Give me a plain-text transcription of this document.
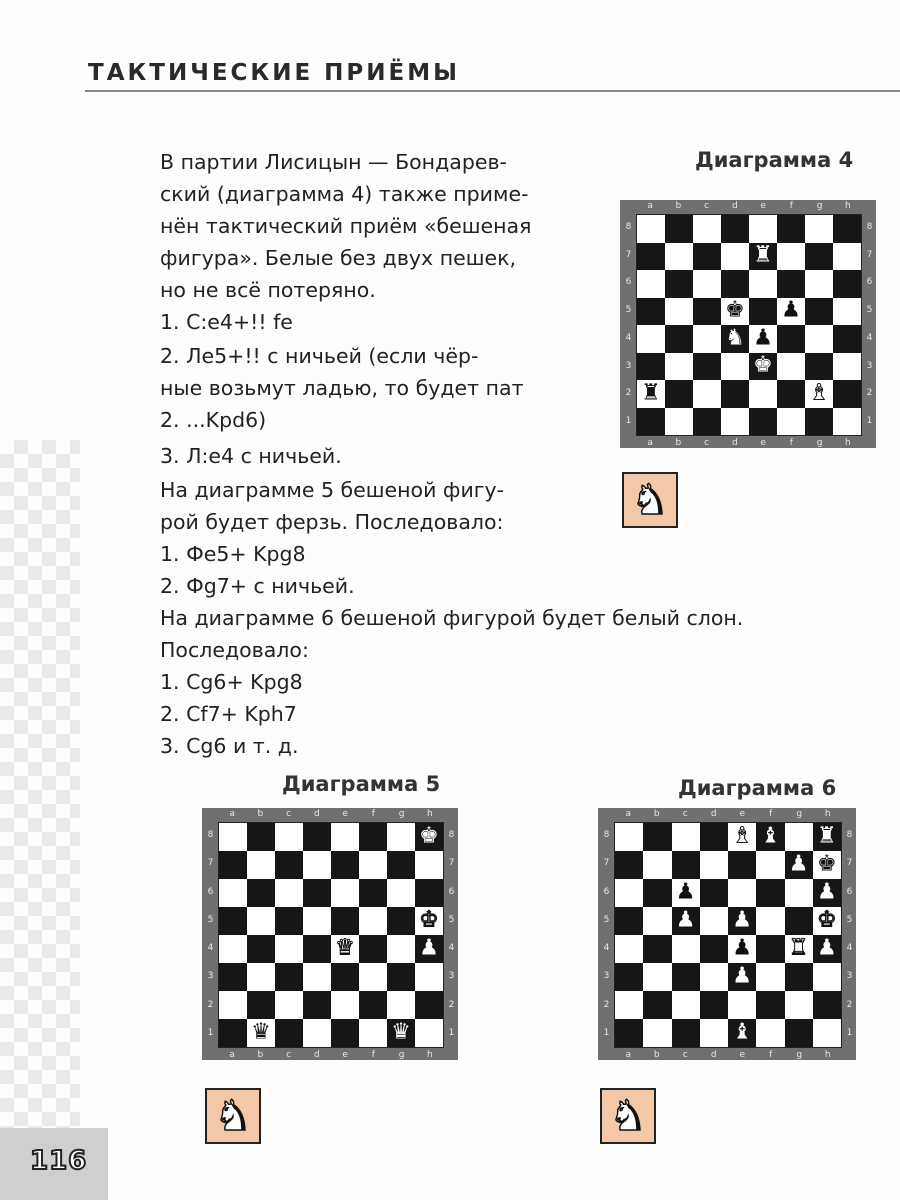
ТАКТИЧЕСКИЕ ПРИЁМЫ

В партии Лисицын — Бондарев-

ский (диаграмма 4) также приме-

нён тактический приём «бешеная

фигура». Белые без двух пешек,

но не всё потеряно.

1. С:е4+!! fe

2. Ле5+!! с ничьей (если чёр-

ные возьмут ладью, то будет пат

2. ...Kpd6)

3. Л:е4 с ничьей.

На диаграмме 5 бешеной фигу-

рой будет ферзь. Последовало:

1. Фе5+ Kpg8

2. Фg7+ с ничьей.

На диаграмме 6 бешеной фигурой будет белый слон.

Последовало:

1. Cg6+ Kpg8

2. Cf7+ Kph7

3. Cg6 и т. д.

Диаграмма 4
Диаграмма 5	Диаграмма 6
♜
♚ ♟
♞ ♟
♚
♜	♝
♚
♚
♛	♟
♛	♛
♝ ♝ ♜
♟ ♚
♟	♟
♟ ♟	♚
♟ ♜ ♟
♟
♝
♞
♞	♞
116
a
a
b
b
c
c
d
d
e
e
f
f
g
g
h
h
8	8
7	7
6	6
5	5
4	4
3	3
2	2
1	1
a
a
b
b
c
c
d
d
e
e
f
f
g
g
h
h
8	8
7	7
6	6
5	5
4	4
3	3
2	2
1	1
a
a
b
b
c
c
d
d
e
e
f
f
g
g
h
h
8	8
7	7
6	6
5	5
4	4
3	3
2	2
1	1
